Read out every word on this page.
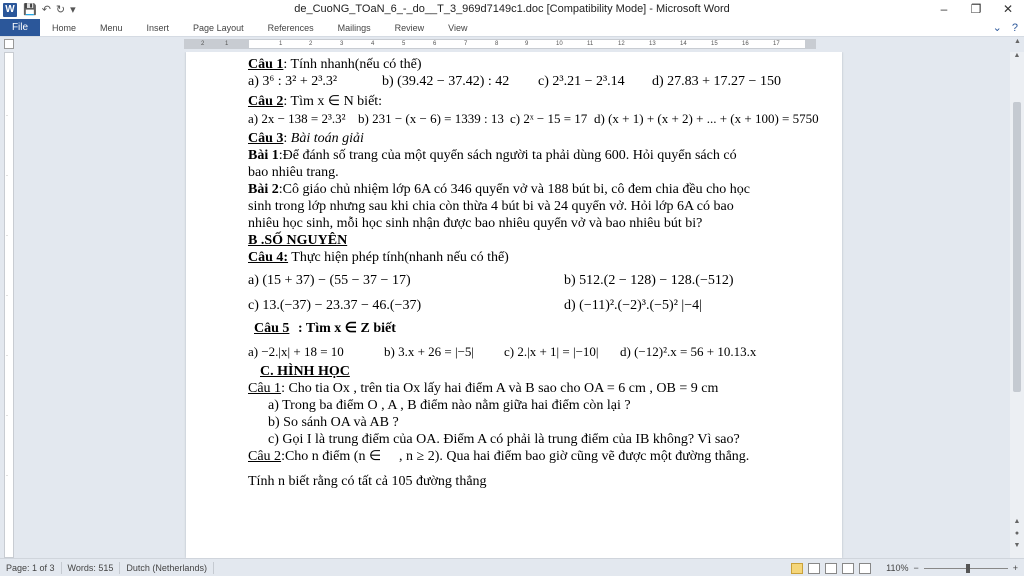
W 💾 ↶ ↻ ▾	de_CuoNG_TOaN_6_-_do__T_3_969d7149c1.doc [Compatibility Mode] - Microsoft Word	–	❐	✕
File	Home	Menu	Insert	Page Layout	References	Mailings	Review	View	⌄ ?
2	1	1	2	3	4	5	6	7	8	9	10	11	12	13	14	15	16	17	▲
·
·
·
·
·
·
·
Câu 1: Tính nhanh(nếu có thể)
a) 3⁶ : 3² + 2³.3²	b) (39.42 − 37.42) : 42 c) 2³.21 − 2³.14 d) 27.83 + 17.27 − 150
Câu 2: Tìm x ∈ N biết:
a) 2x − 138 = 2³.3² b) 231 − (x − 6) = 1339 : 13 c) 2ˣ − 15 = 17 d) (x + 1) + (x + 2) + ... + (x + 100) = 5750
Câu 3: Bài toán giải
Bài 1:Để đánh số trang của một quyển sách người ta phải dùng 600. Hỏi quyển sách có
bao nhiêu trang.
Bài 2:Cô giáo chủ nhiệm lớp 6A có 346 quyển vở và 188 bút bi, cô đem chia đều cho học
sinh trong lớp nhưng sau khi chia còn thừa 4 bút bi và 24 quyển vở. Hỏi lớp 6A có bao
nhiêu học sinh, mỗi học sinh nhận được bao nhiêu quyển vở và bao nhiêu bút bi?
B .SỐ NGUYÊN
Câu 4: Thực hiện phép tính(nhanh nếu có thể)
a) (15 + 37) − (55 − 37 − 17)	b) 512.(2 − 128) − 128.(−512)
c) 13.(−37) − 23.37 − 46.(−37)	d) (−11)².(−2)³.(−5)² |−4|
Câu 5 : Tìm x ∈ Z biết
a) −2.|x| + 18 = 10	b) 3.x + 26 = |−5| c) 2.|x + 1| = |−10| d) (−12)².x = 56 + 10.13.x
C. HÌNH HỌC
Câu 1: Cho tia Ox , trên tia Ox lấy hai điểm A và B sao cho OA = 6 cm , OB = 9 cm
a) Trong ba điểm O , A , B điểm nào nằm giữa hai điểm còn lại ?
b) So sánh OA và AB ?
c) Gọi I là trung điểm của OA. Điểm A có phải là trung điểm của IB không? Vì sao?
Câu 2:Cho n điểm (n ∈ ⃞ , n ≥ 2). Qua hai điểm bao giờ cũng vẽ được một đường thẳng.
Tính n biết rằng có tất cả 105 đường thẳng
▲
▲
●
▼
Page: 1 of 3	Words: 515	Dutch (Netherlands)	110% −	+
